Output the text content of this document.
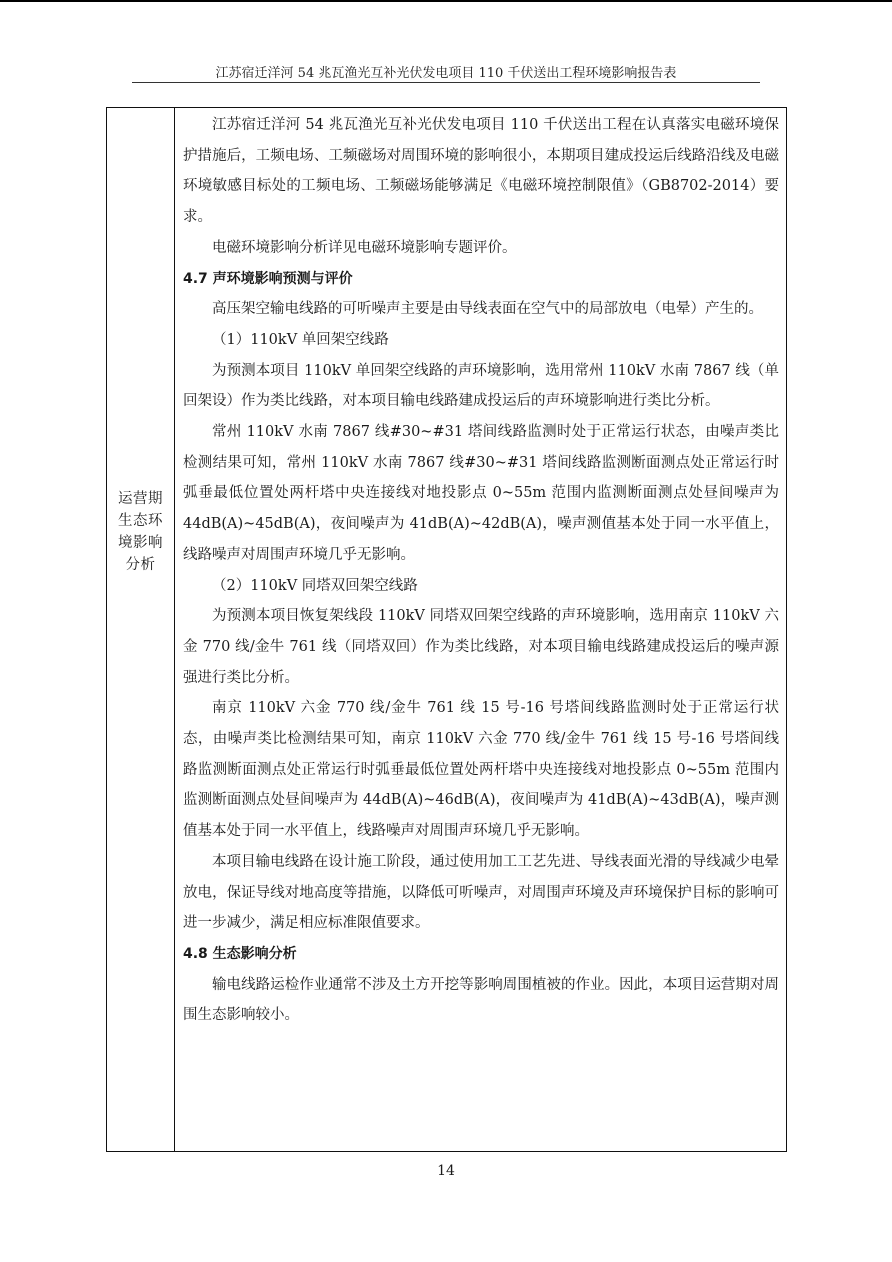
江苏宿迁洋河 54 兆瓦渔光互补光伏发电项目 110 千伏送出工程环境影响报告表
运营期
生态环
境影响
分析

江苏宿迁洋河 54 兆瓦渔光互补光伏发电项目 110 千伏送出工程在认真落实电磁环境保护措施后，工频电场、工频磁场对周围环境的影响很小，本期项目建成投运后线路沿线及电磁环境敏感目标处的工频电场、工频磁场能够满足《电磁环境控制限值》（GB8702-2014）要求。

电磁环境影响分析详见电磁环境影响专题评价。

4.7 声环境影响预测与评价

高压架空输电线路的可听噪声主要是由导线表面在空气中的局部放电（电晕）产生的。

（1）110kV 单回架空线路

为预测本项目 110kV 单回架空线路的声环境影响，选用常州 110kV 水南 7867 线（单回架设）作为类比线路，对本项目输电线路建成投运后的声环境影响进行类比分析。

常州 110kV 水南 7867 线#30~#31 塔间线路监测时处于正常运行状态，由噪声类比检测结果可知，常州 110kV 水南 7867 线#30~#31 塔间线路监测断面测点处正常运行时弧垂最低位置处两杆塔中央连接线对地投影点 0~55m 范围内监测断面测点处昼间噪声为 44dB(A)~45dB(A)，夜间噪声为 41dB(A)~42dB(A)，噪声测值基本处于同一水平值上，线路噪声对周围声环境几乎无影响。

（2）110kV 同塔双回架空线路

为预测本项目恢复架线段 110kV 同塔双回架空线路的声环境影响，选用南京 110kV 六金 770 线/金牛 761 线（同塔双回）作为类比线路，对本项目输电线路建成投运后的噪声源强进行类比分析。

南京 110kV 六金 770 线/金牛 761 线 15 号-16 号塔间线路监测时处于正常运行状态，由噪声类比检测结果可知，南京 110kV 六金 770 线/金牛 761 线 15 号-16 号塔间线路监测断面测点处正常运行时弧垂最低位置处两杆塔中央连接线对地投影点 0~55m 范围内监测断面测点处昼间噪声为 44dB(A)~46dB(A)，夜间噪声为 41dB(A)~43dB(A)，噪声测值基本处于同一水平值上，线路噪声对周围声环境几乎无影响。

本项目输电线路在设计施工阶段，通过使用加工工艺先进、导线表面光滑的导线减少电晕放电，保证导线对地高度等措施，以降低可听噪声，对周围声环境及声环境保护目标的影响可进一步减少，满足相应标准限值要求。

4.8 生态影响分析

输电线路运检作业通常不涉及土方开挖等影响周围植被的作业。因此，本项目运营期对周围生态影响较小。

14
